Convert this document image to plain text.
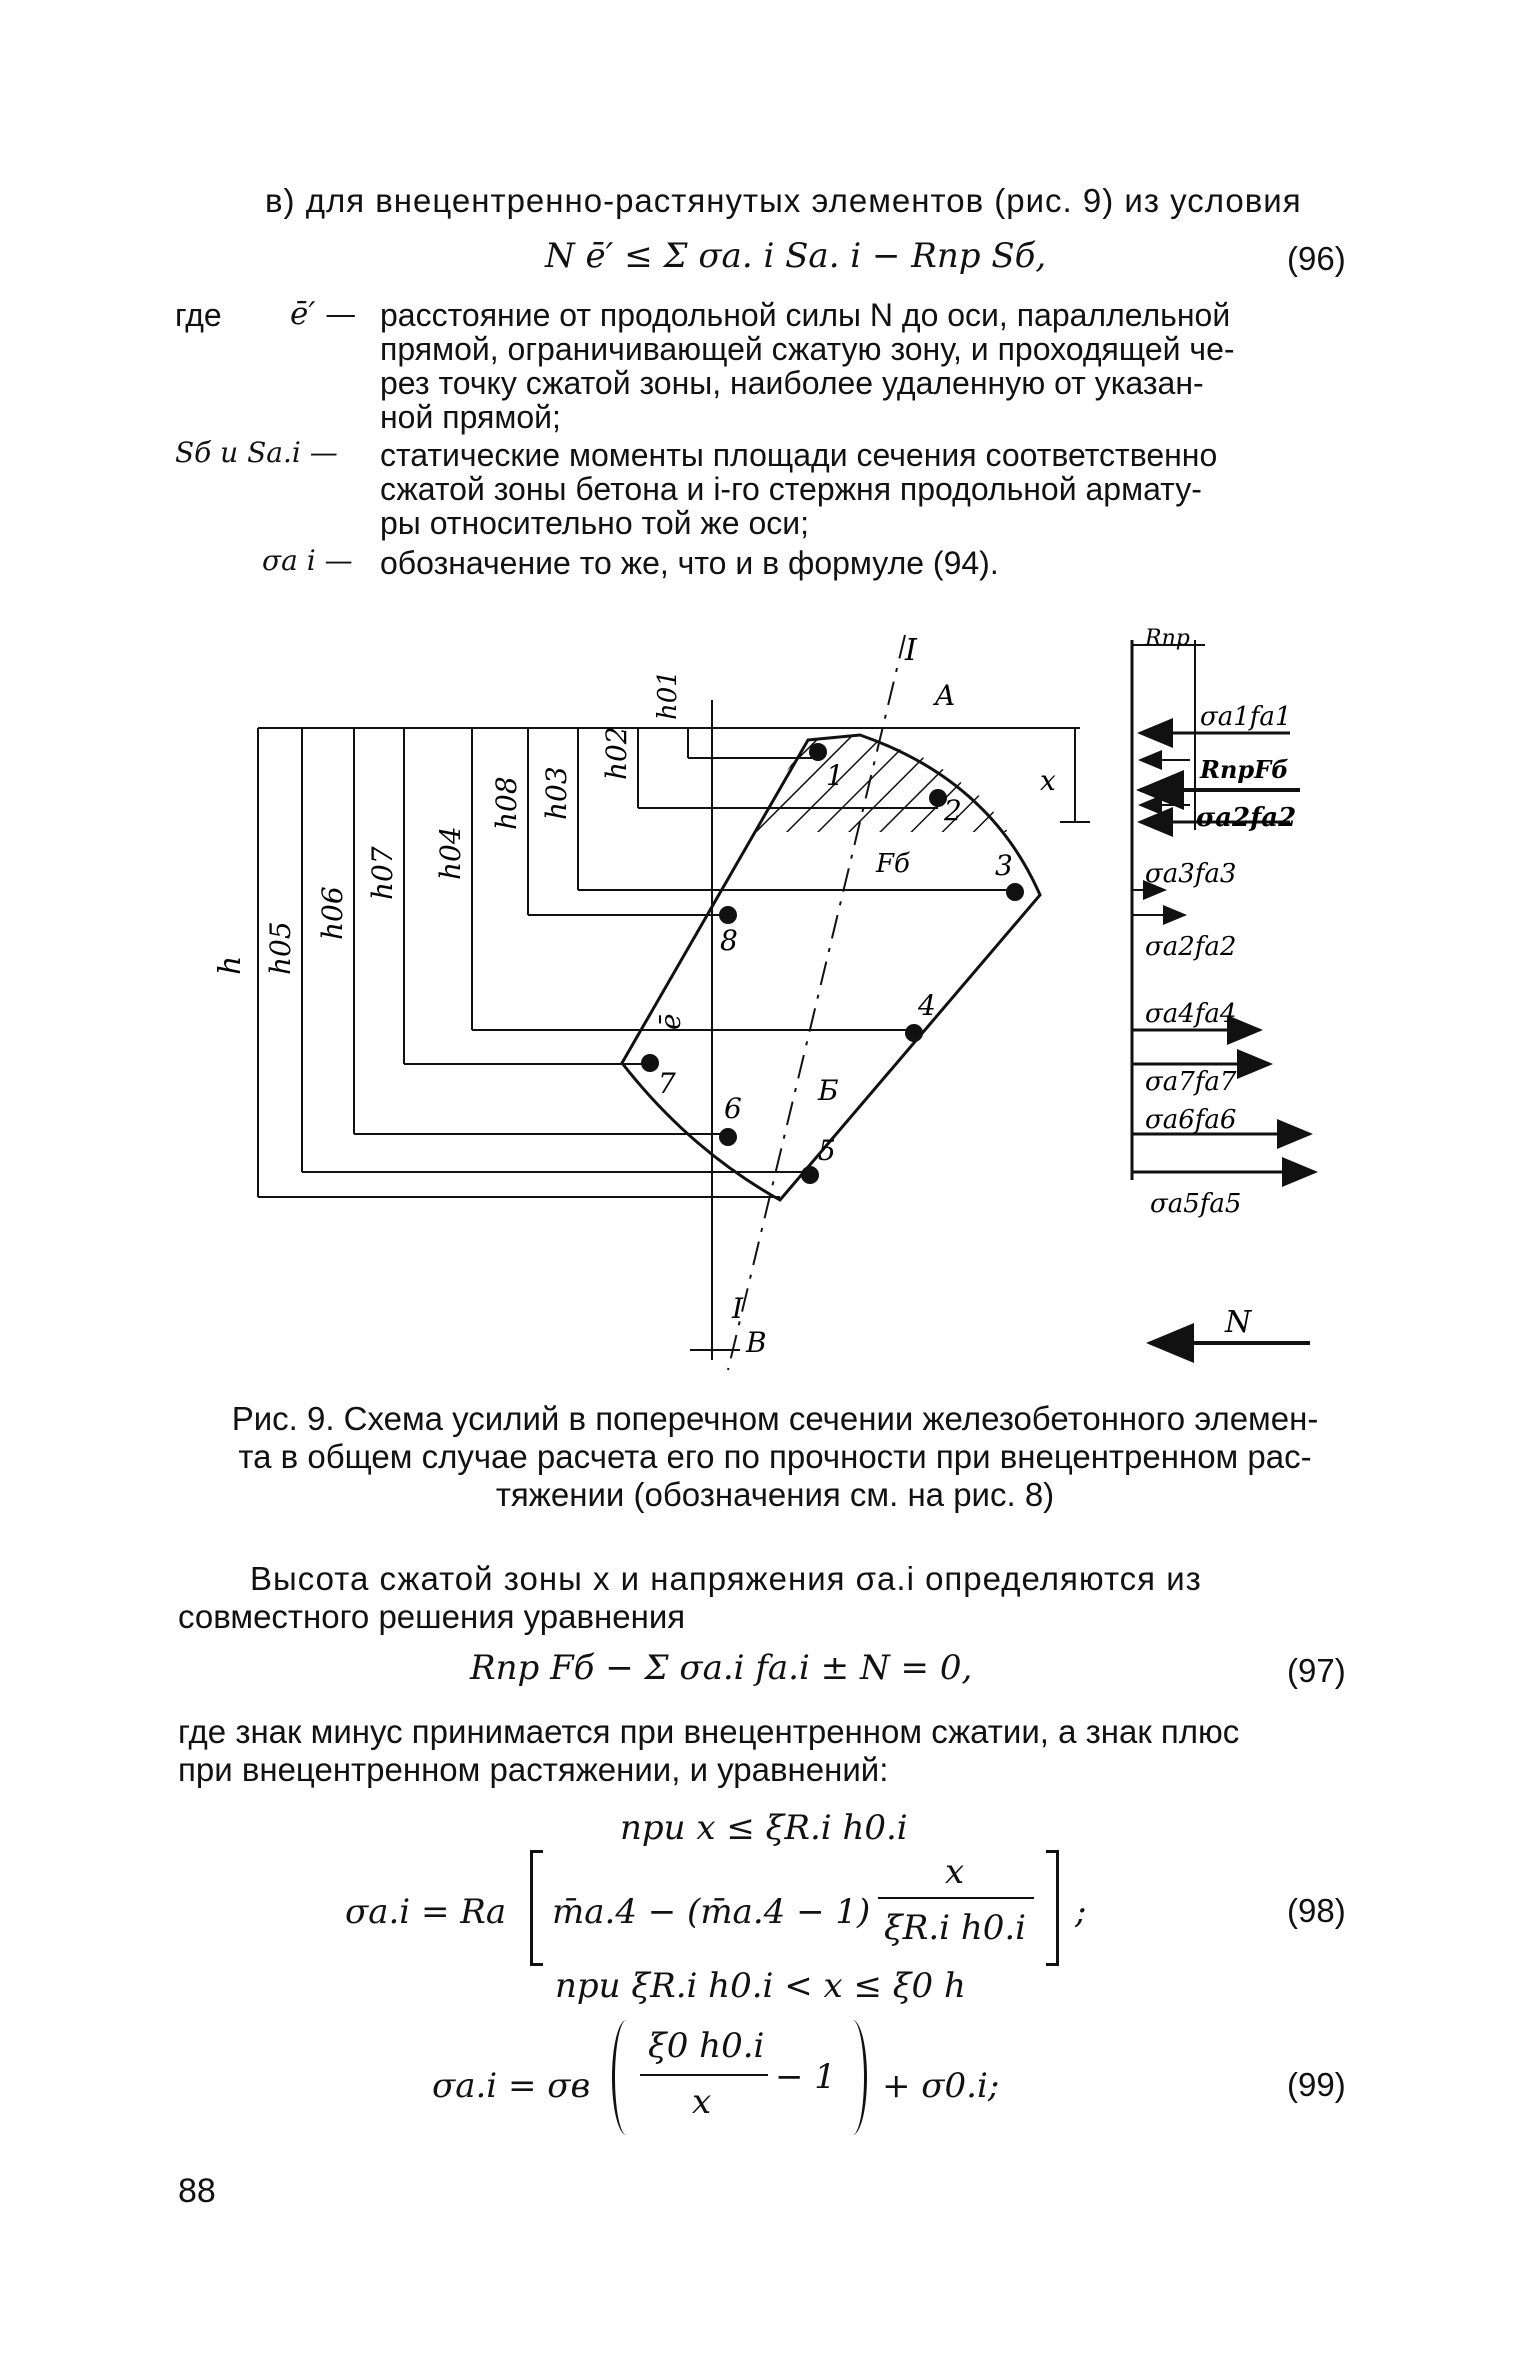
в) для внецентренно-растянутых элементов (рис. 9) из условия
N ē′ ≤ Σ σа. i Sа. i − Rпр Sб,	(96)
где ē′ — расстояние от продольной силы N до оси, параллельной
прямой, ограничивающей сжатую зону, и проходящей че-
рез точку сжатой зоны, наиболее удаленную от указан-
ной прямой;
Sб и Sа.i — статические моменты площади сечения соответственно
сжатой зоны бетона и i-го стержня продольной армату-
ры относительно той же оси;
σа i — обозначение то же, что и в формуле (94).
h h05
h06
h07 h04
h08 h03
h02
h01
1
2
3
8
4
7
6
5
σa1fa1
RпрFб
σa2fa2
σa3fa3
σa2fa2
σa4fa4
σa7fa7
σa6fa6
σa5fa5
I
A
Fб
x
ē
Б
I
B
Rпр
N
Рис. 9. Схема усилий в поперечном сечении железобетонного элемен-
та в общем случае расчета его по прочности при внецентренном рас-
тяжении (обозначения см. на рис. 8)
Высота сжатой зоны x и напряжения σа.i определяются из
совместного решения уравнения
Rпр Fб − Σ σа.i fа.i ± N = 0,	(97)
где знак минус принимается при внецентренном сжатии, а знак плюс
при внецентренном растяжении, и уравнений:
при x ≤ ξR.i h0.i
σа.i = Rа m̄а.4 − (m̄а.4 − 1)
x
ξR.i h0.i ;	(98)
при ξR.i h0.i < x ≤ ξ0 h
σа.i = σв
ξ0 h0.i
x
− 1 + σ0.i;	(99)
88
